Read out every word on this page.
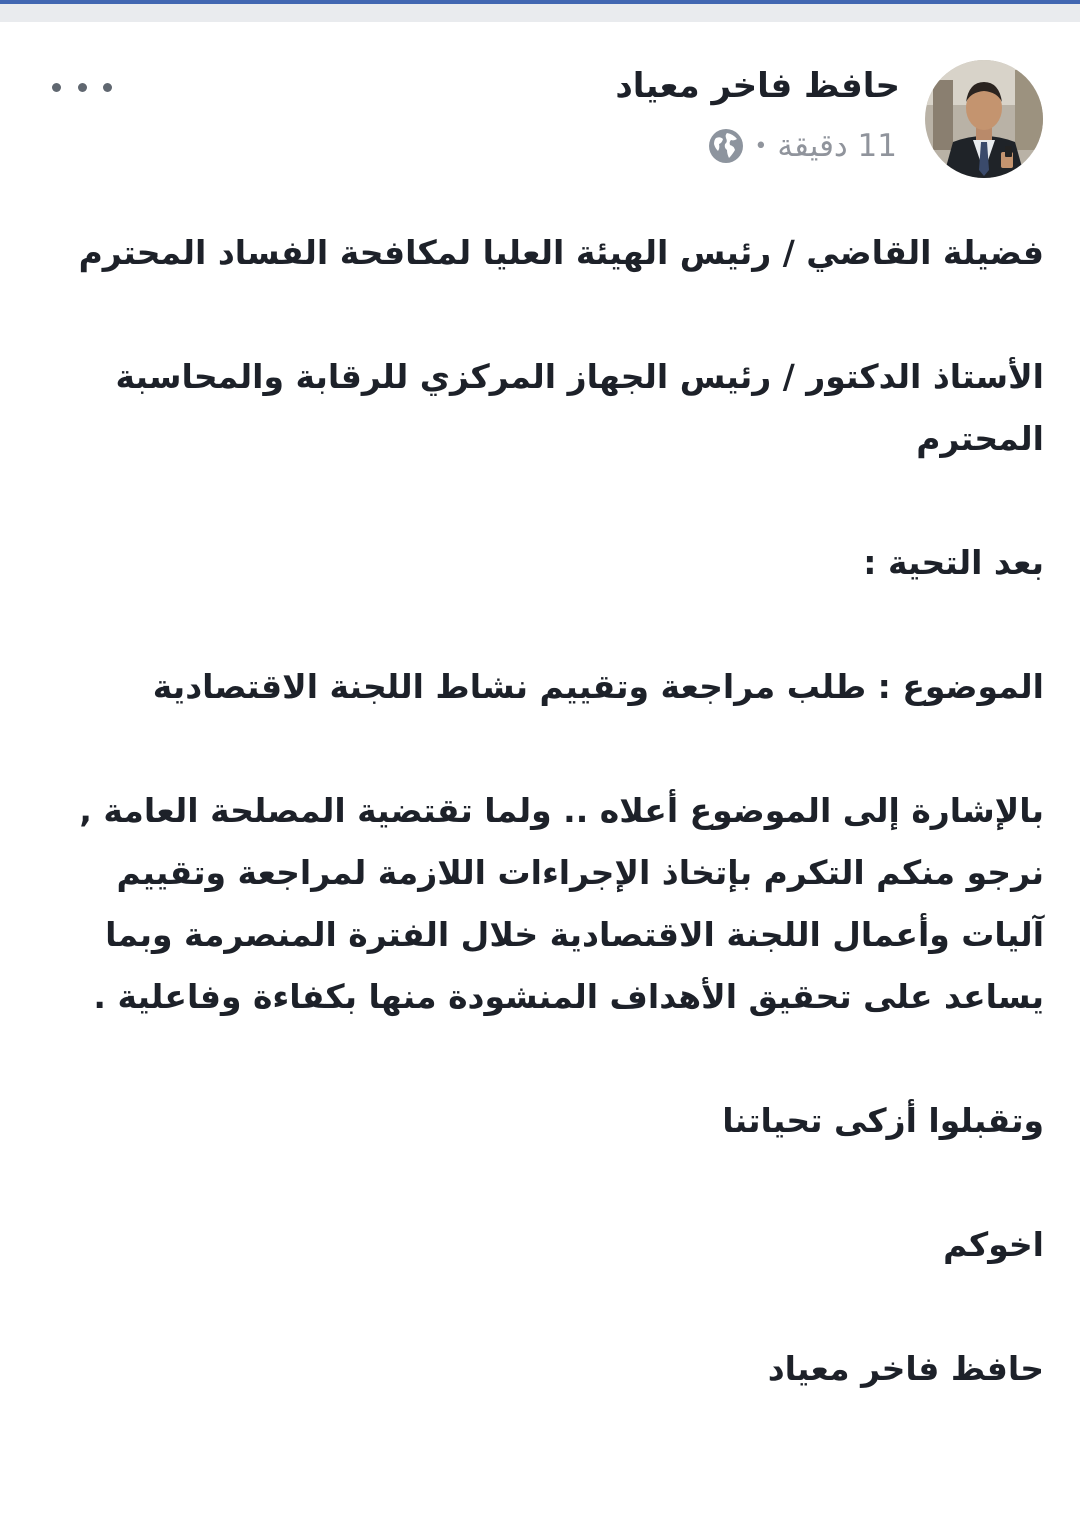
حافظ فاخر معياد
11 دقيقة
•

فضيلة القاضي / رئيس الهيئة العليا لمكافحة الفساد المحترم

الأستاذ الدكتور / رئيس الجهاز المركزي للرقابة والمحاسبة المحترم

بعد التحية :

الموضوع : طلب مراجعة وتقييم نشاط اللجنة الاقتصادية

بالإشارة إلى الموضوع أعلاه .. ولما تقتضية المصلحة العامة , نرجو منكم التكرم بإتخاذ الإجراءات اللازمة لمراجعة وتقييم آليات وأعمال اللجنة الاقتصادية خلال الفترة المنصرمة وبما يساعد على تحقيق الأهداف المنشودة منها بكفاءة وفاعلية .

وتقبلوا أزكى تحياتنا

اخوكم

حافظ فاخر معياد
